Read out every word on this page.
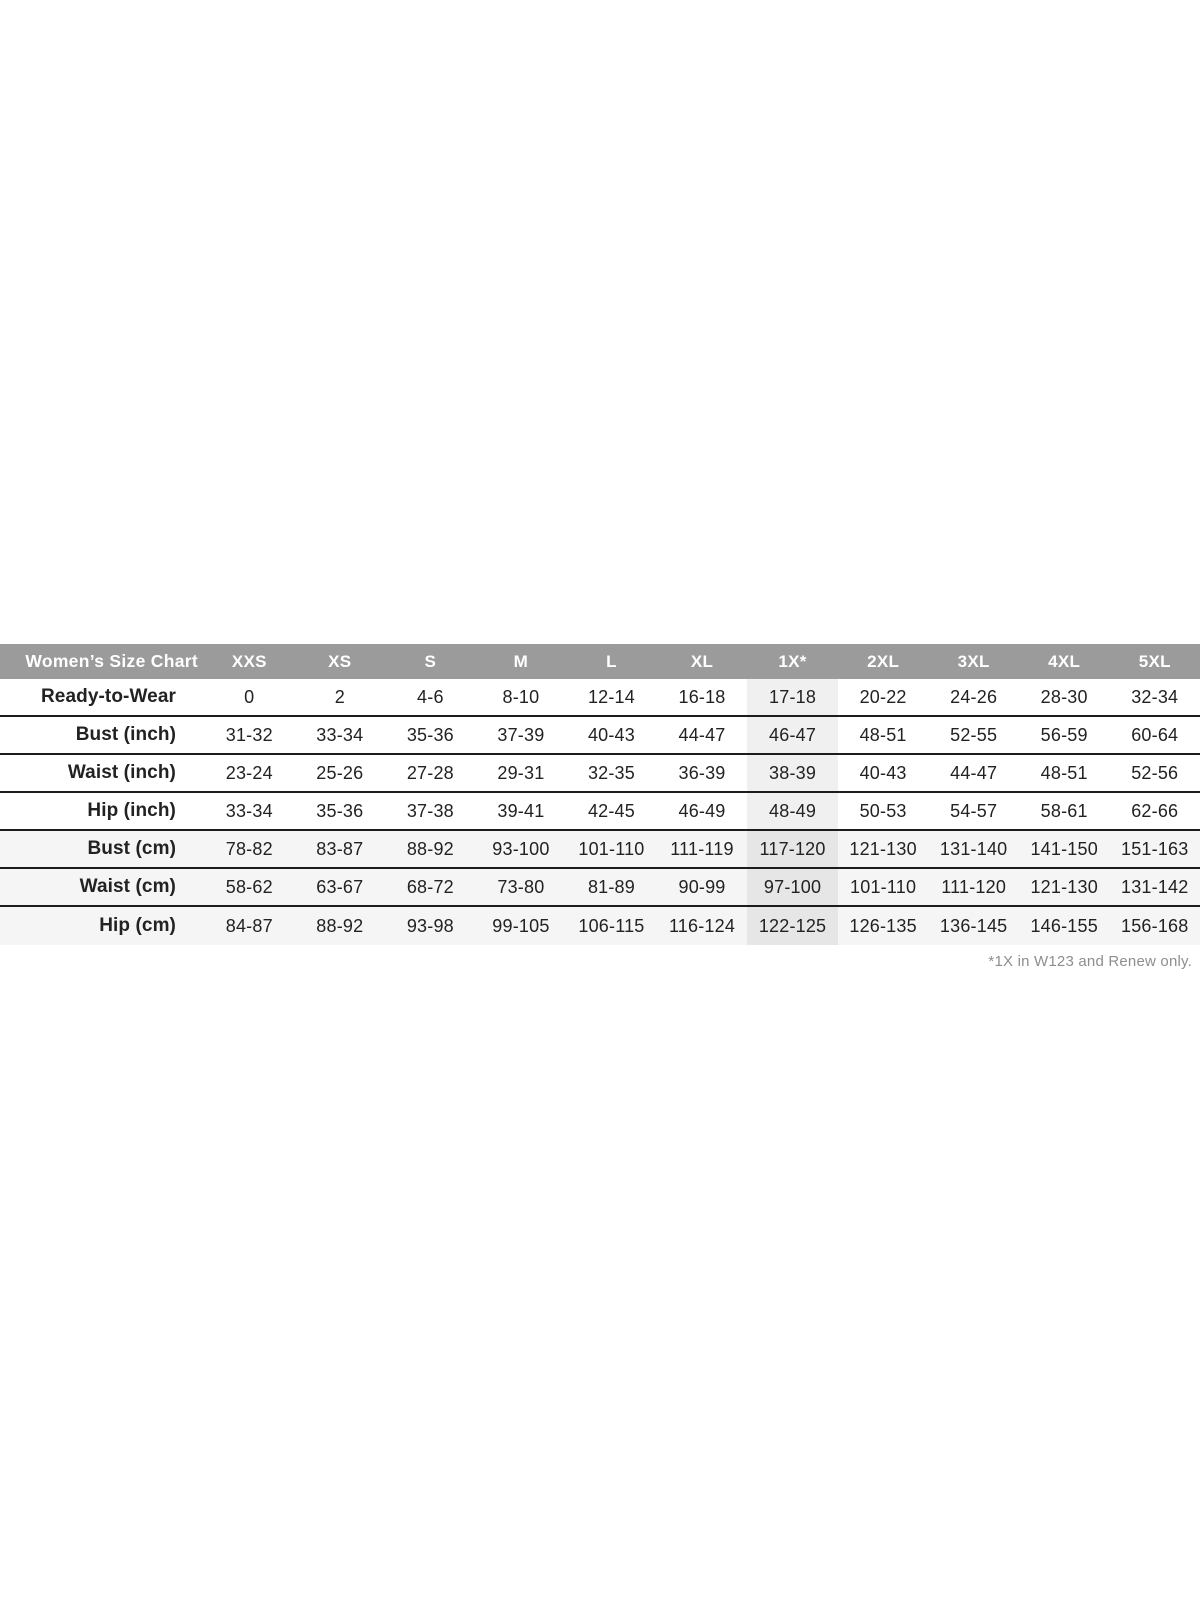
Women’s Size Chart	XXS	XS	S	M	L	XL	1X*	2XL	3XL	4XL	5XL
Ready-to-Wear	0	2	4-6	8-10	12-14	16-18	17-18	20-22	24-26	28-30	32-34
Bust (inch)	31-32	33-34	35-36	37-39	40-43	44-47	46-47	48-51	52-55	56-59	60-64
Waist (inch)	23-24	25-26	27-28	29-31	32-35	36-39	38-39	40-43	44-47	48-51	52-56
Hip (inch)	33-34	35-36	37-38	39-41	42-45	46-49	48-49	50-53	54-57	58-61	62-66
Bust (cm)	78-82	83-87	88-92	93-100	101-110	111-119	117-120	121-130	131-140	141-150	151-163
Waist (cm)	58-62	63-67	68-72	73-80	81-89	90-99	97-100	101-110	111-120	121-130	131-142
Hip (cm)	84-87	88-92	93-98	99-105	106-115	116-124	122-125	126-135	136-145	146-155	156-168
*1X in W123 and Renew only.
